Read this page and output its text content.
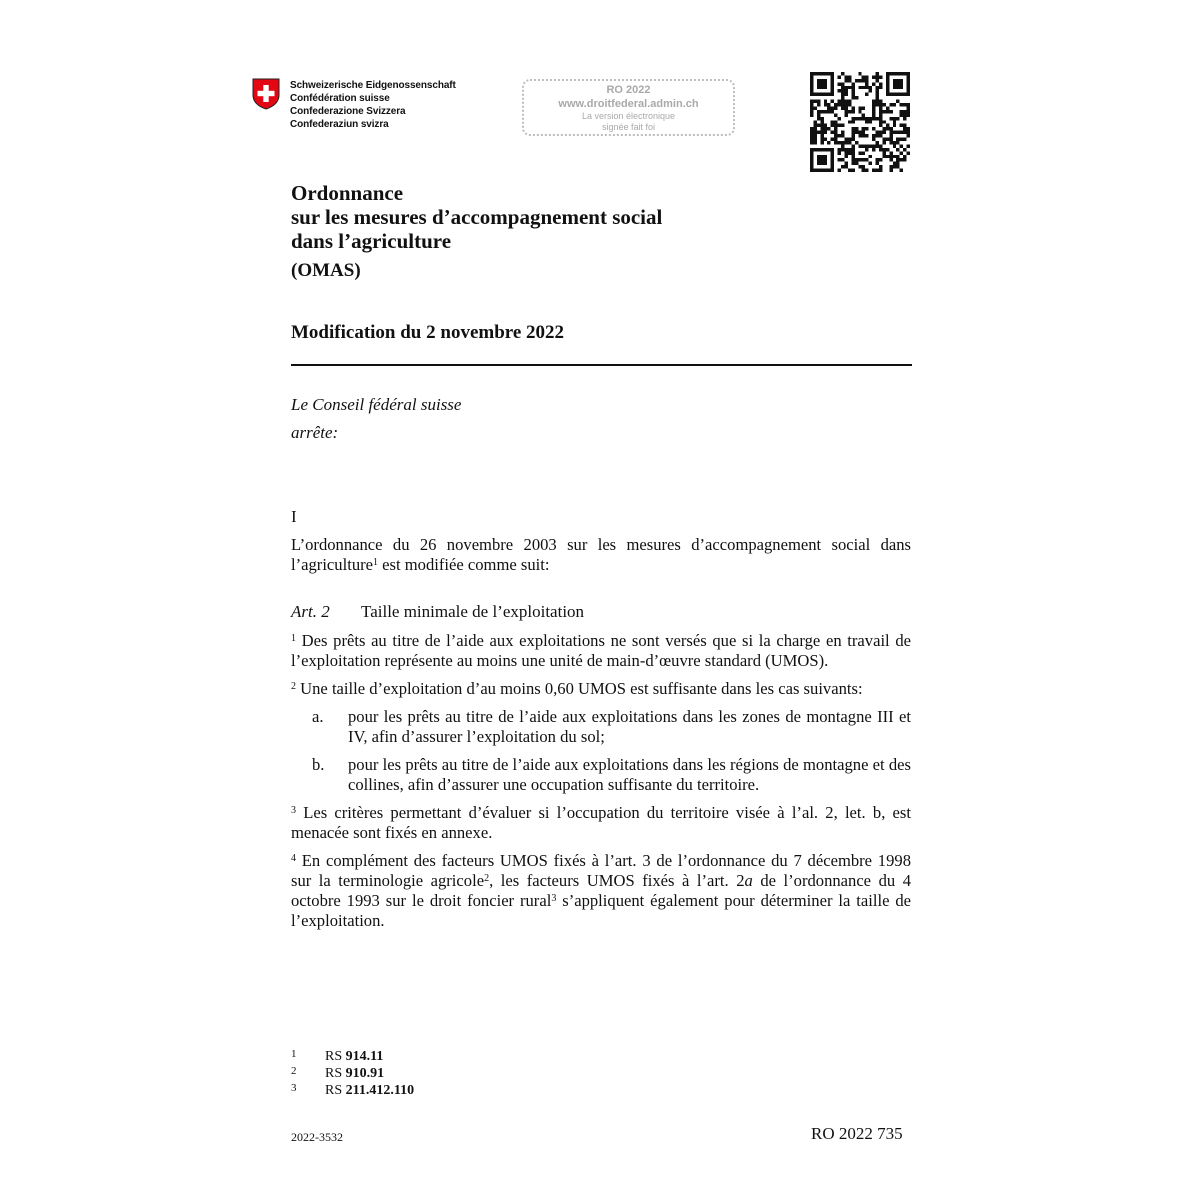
Schweizerische Eidgenossenschaft
Confédération suisse
Confederazione Svizzera
Confederaziun svizra
RO 2022
www.droitfederal.admin.ch
La version électronique
signée fait foi
Ordonnance
sur les mesures d’accompagnement social
dans l’agriculture
(OMAS)
Modification du 2 novembre 2022
Le Conseil fédéral suisse
arrête:
I
L’ordonnance du 26 novembre 2003 sur les mesures d’accompagnement social dans l’agriculture$^1$ est modifiée comme suit:
Art. 2 Taille minimale de l’exploitation
$^1$ Des prêts au titre de l’aide aux exploitations ne sont versés que si la charge en travail de l’exploitation représente au moins une unité de main-d’œuvre standard (UMOS).
$^2$ Une taille d’exploitation d’au moins 0,60 UMOS est suffisante dans les cas suivants:
a. pour les prêts au titre de l’aide aux exploitations dans les zones de montagne III et IV, afin d’assurer l’exploitation du sol;
b. pour les prêts au titre de l’aide aux exploitations dans les régions de montagne et des collines, afin d’assurer une occupation suffisante du territoire.
$^3$ Les critères permettant d’évaluer si l’occupation du territoire visée à l’al. 2, let. b, est menacée sont fixés en annexe.
$^4$ En complément des facteurs UMOS fixés à l’art. 3 de l’ordonnance du 7 décembre 1998 sur la terminologie agricole$^2$, les facteurs UMOS fixés à l’art. 2a de l’ordonnance du 4 octobre 1993 sur le droit foncier rural$^3$ s’appliquent également pour déterminer la taille de l’exploitation.
1 RS 914.11
2 RS 910.91
3 RS 211.412.110
2022-3532	RO 2022 735
